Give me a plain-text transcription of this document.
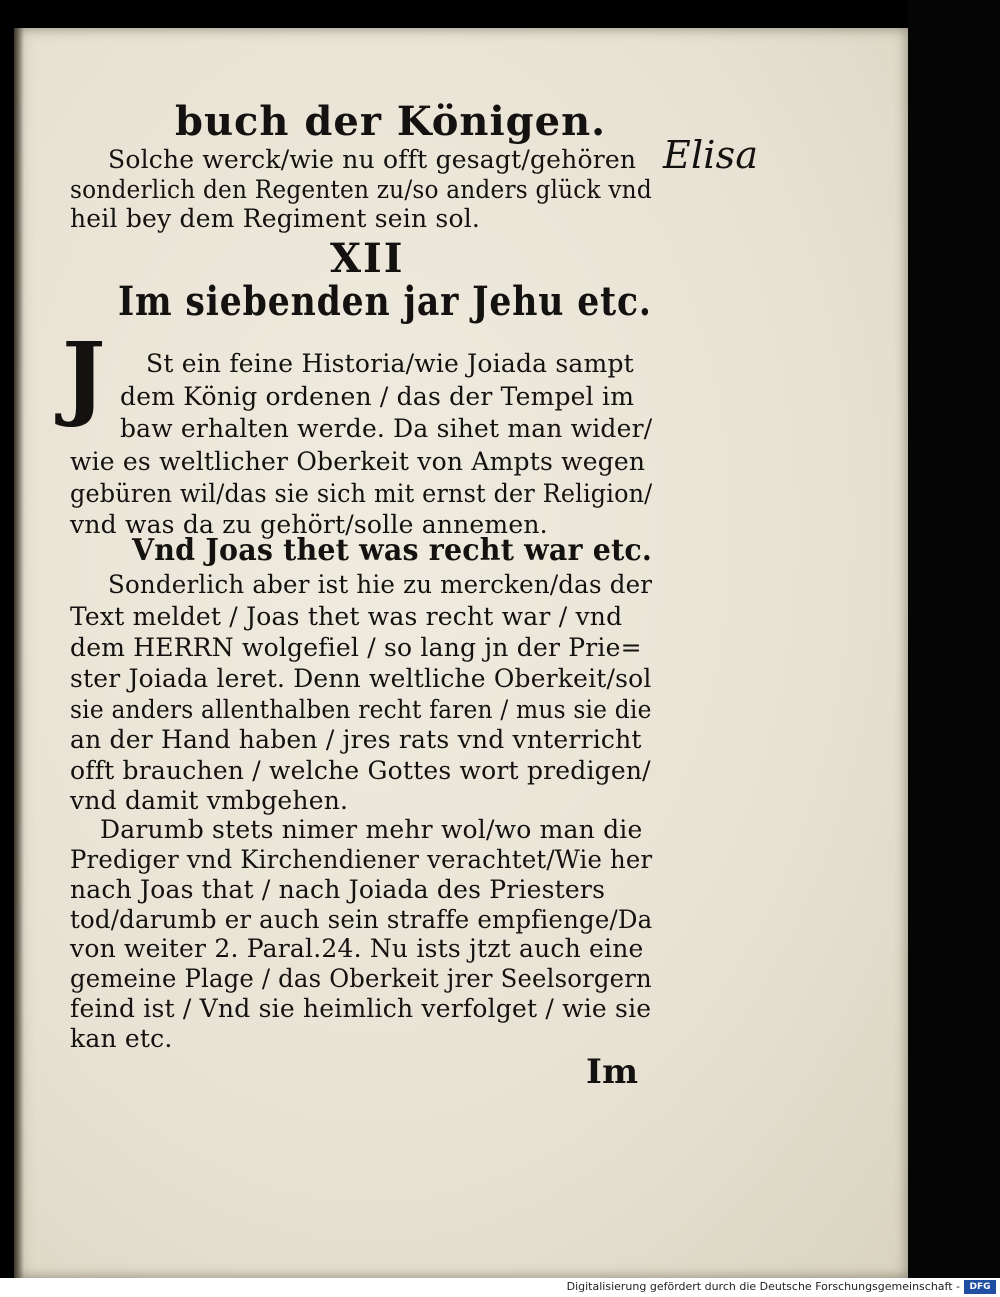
buch der Königen.
Elisa
Solche werck/wie nu offt gesagt/gehören
sonderlich den Regenten zu/so anders glück vnd
heil bey dem Regiment sein sol.
XII
Im siebenden jar Jehu etc.
J St ein feine Historia/wie Joiada sampt
dem König ordenen / das der Tempel im
baw erhalten werde. Da sihet man wider/
wie es weltlicher Oberkeit von Ampts wegen
gebüren wil/das sie sich mit ernst der Religion/
vnd was da zu gehört/solle annemen.
Vnd Joas thet was recht war etc.
Sonderlich aber ist hie zu mercken/das der
Text meldet / Joas thet was recht war / vnd
dem HERRN wolgefiel / so lang jn der Prie=
ster Joiada leret. Denn weltliche Oberkeit/sol
sie anders allenthalben recht faren / mus sie die
an der Hand haben / jres rats vnd vnterricht
offt brauchen / welche Gottes wort predigen/
vnd damit vmbgehen.
Darumb stets nimer mehr wol/wo man die
Prediger vnd Kirchendiener verachtet/Wie her
nach Joas that / nach Joiada des Priesters
tod/darumb er auch sein straffe empfienge/Da
von weiter 2. Paral.24. Nu ists jtzt auch eine
gemeine Plage / das Oberkeit jrer Seelsorgern
feind ist / Vnd sie heimlich verfolget / wie sie
kan etc.
Im
Digitalisierung gefördert durch die Deutsche Forschungsgemeinschaft -	DFG
